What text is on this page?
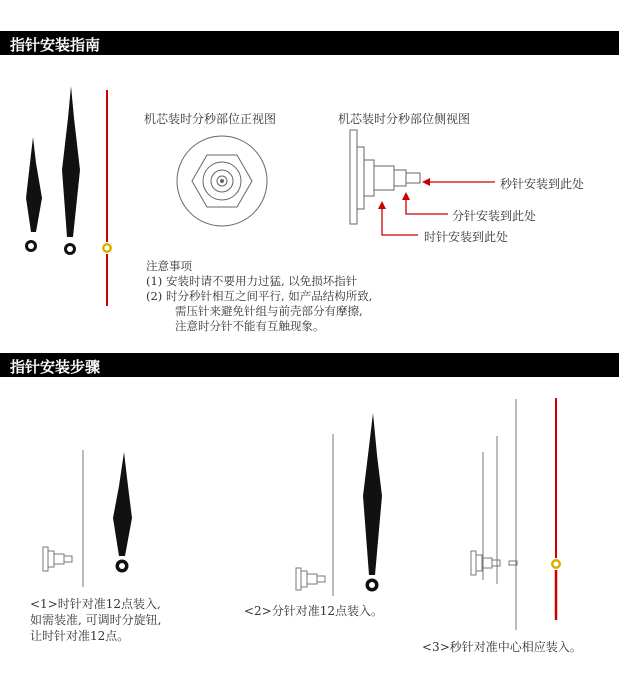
指针安装指南
机芯装时分秒部位正视图	机芯装时分秒部位侧视图
秒针安装到此处
分针安装到此处
时针安装到此处
注意事项
(1) 安装时请不要用力过猛, 以免损坏指针
(2) 时分秒针相互之间平行, 如产品结构所致,
需压针来避免针组与前壳部分有摩擦,
注意时分针不能有互触现象。
指针安装步骤
<1>时针对准12点装入,
如需装准, 可调时分旋钮,
让时针对准12点。
<2>分针对准12点装入。
<3>秒针对准中心相应装入。
